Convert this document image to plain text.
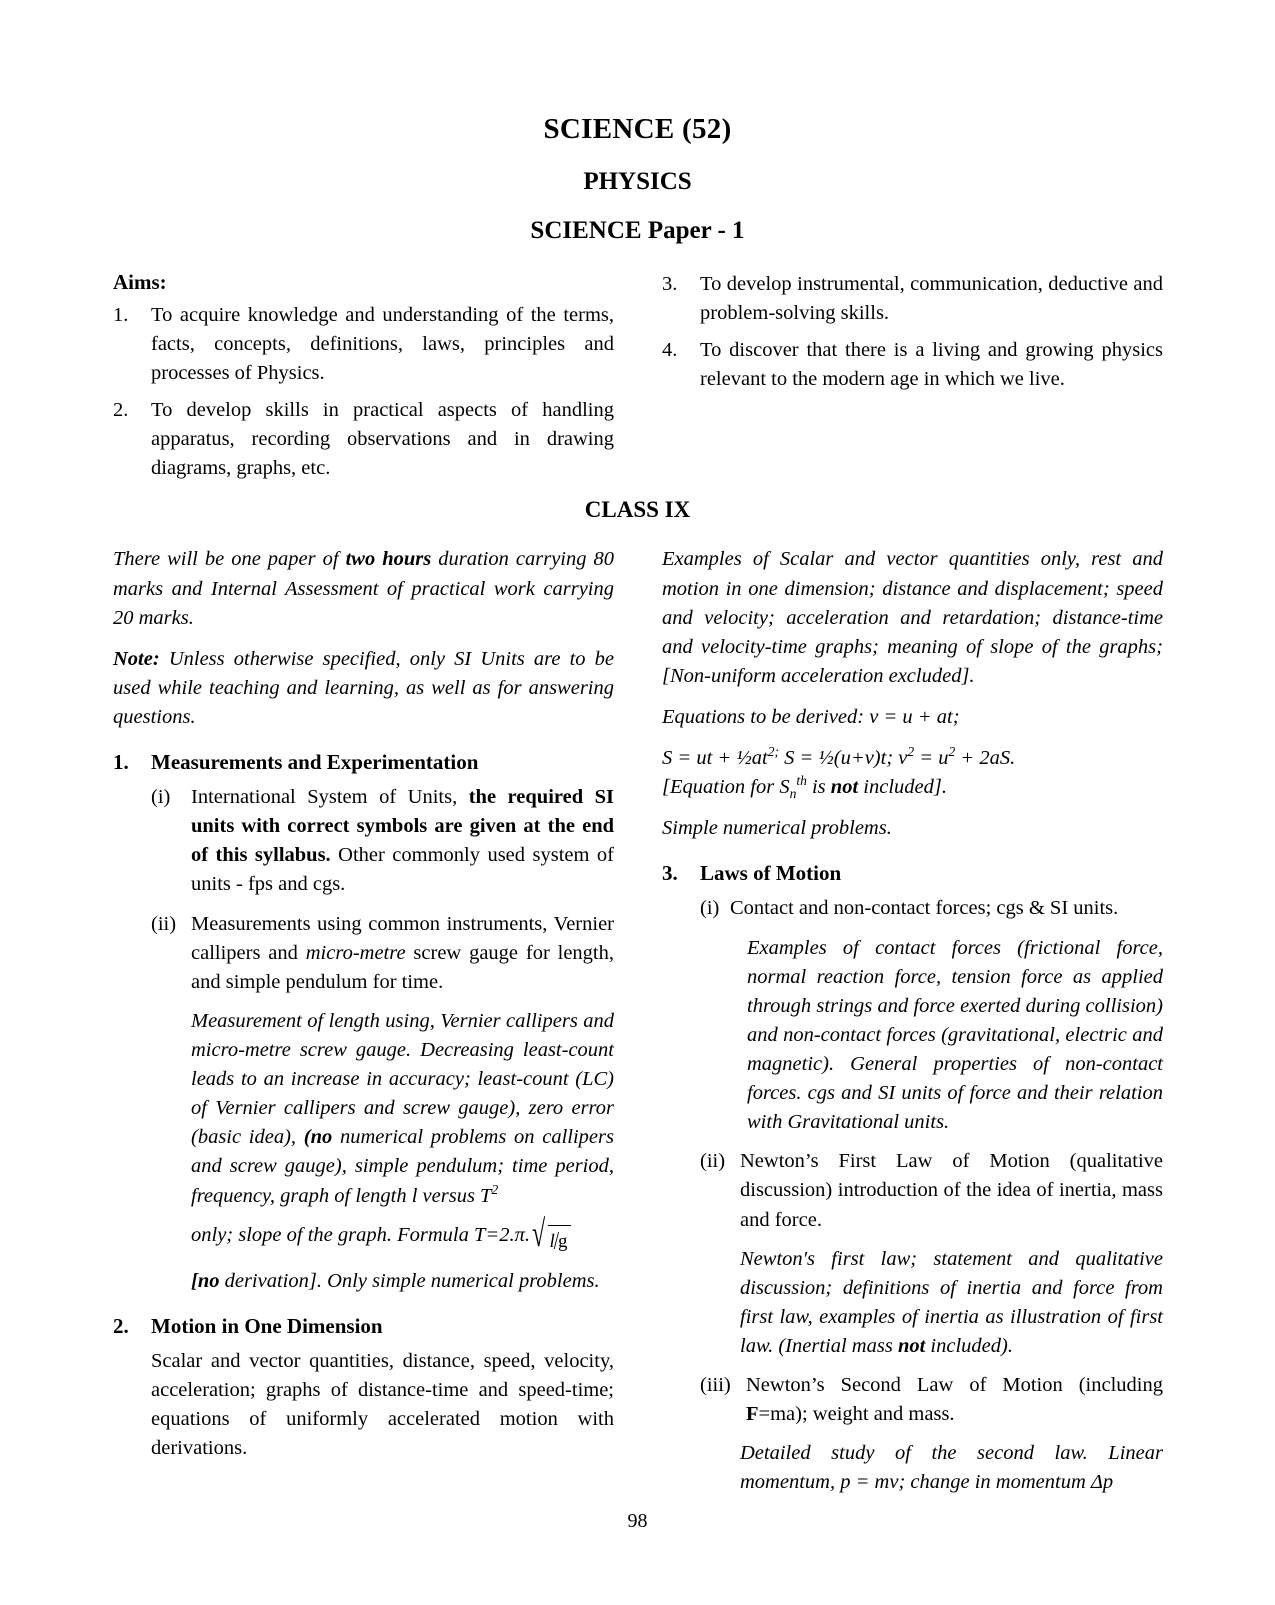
SCIENCE (52)
PHYSICS
SCIENCE Paper - 1
Aims:
1.	To acquire knowledge and understanding of the terms, facts, concepts, definitions, laws, principles and processes of Physics.
2.	To develop skills in practical aspects of handling apparatus, recording observations and in drawing diagrams, graphs, etc.
3.	To develop instrumental, communication, deductive and problem-solving skills.
4.	To discover that there is a living and growing physics relevant to the modern age in which we live.
CLASS IX

There will be one paper of two hours duration carrying 80 marks and Internal Assessment of practical work carrying 20 marks.

Note: Unless otherwise specified, only SI Units are to be used while teaching and learning, as well as for answering questions.

1.	Measurements and Experimentation
(i)	International System of Units, the required SI units with correct symbols are given at the end of this syllabus. Other commonly used system of units - fps and cgs.
(ii) Measurements using common instruments, Vernier callipers and micro-metre screw gauge for length, and simple pendulum for time.

Measurement of length using, Vernier callipers and micro-metre screw gauge. Decreasing least-count leads to an increase in accuracy; least-count (LC) of Vernier callipers and screw gauge), zero error (basic idea), (no numerical problems on callipers and screw gauge), simple pendulum; time period, frequency, graph of length l versus $T^2$

only; slope of the graph. Formula T=2.π. √ l/g

[no derivation]. Only simple numerical problems.

2.	Motion in One Dimension

Scalar and vector quantities, distance, speed, velocity, acceleration; graphs of distance-time and speed-time; equations of uniformly accelerated motion with derivations.

Examples of Scalar and vector quantities only, rest and motion in one dimension; distance and displacement; speed and velocity; acceleration and retardation; distance-time and velocity-time graphs; meaning of slope of the graphs; [Non-uniform acceleration excluded].

Equations to be derived: v = u + at;

S = ut + $\frac{1}{2}at^{2;}$ S = ½(u+v)t; $v^2 = u^2 + 2aS$.
[Equation for $S_n^{th}$ is not included].

Simple numerical problems.

3.	Laws of Motion
(i) Contact and non-contact forces; cgs & SI units.

Examples of contact forces (frictional force, normal reaction force, tension force as applied through strings and force exerted during collision) and non-contact forces (gravitational, electric and magnetic). General properties of non-contact forces. cgs and SI units of force and their relation with Gravitational units.

(ii) Newton’s First Law of Motion (qualitative discussion) introduction of the idea of inertia, mass and force.

Newton's first law; statement and qualitative discussion; definitions of inertia and force from first law, examples of inertia as illustration of first law. (Inertial mass not included).

(iii) Newton’s Second Law of Motion (including F=ma); weight and mass.

Detailed study of the second law. Linear momentum, p = mv; change in momentum Δp

98
